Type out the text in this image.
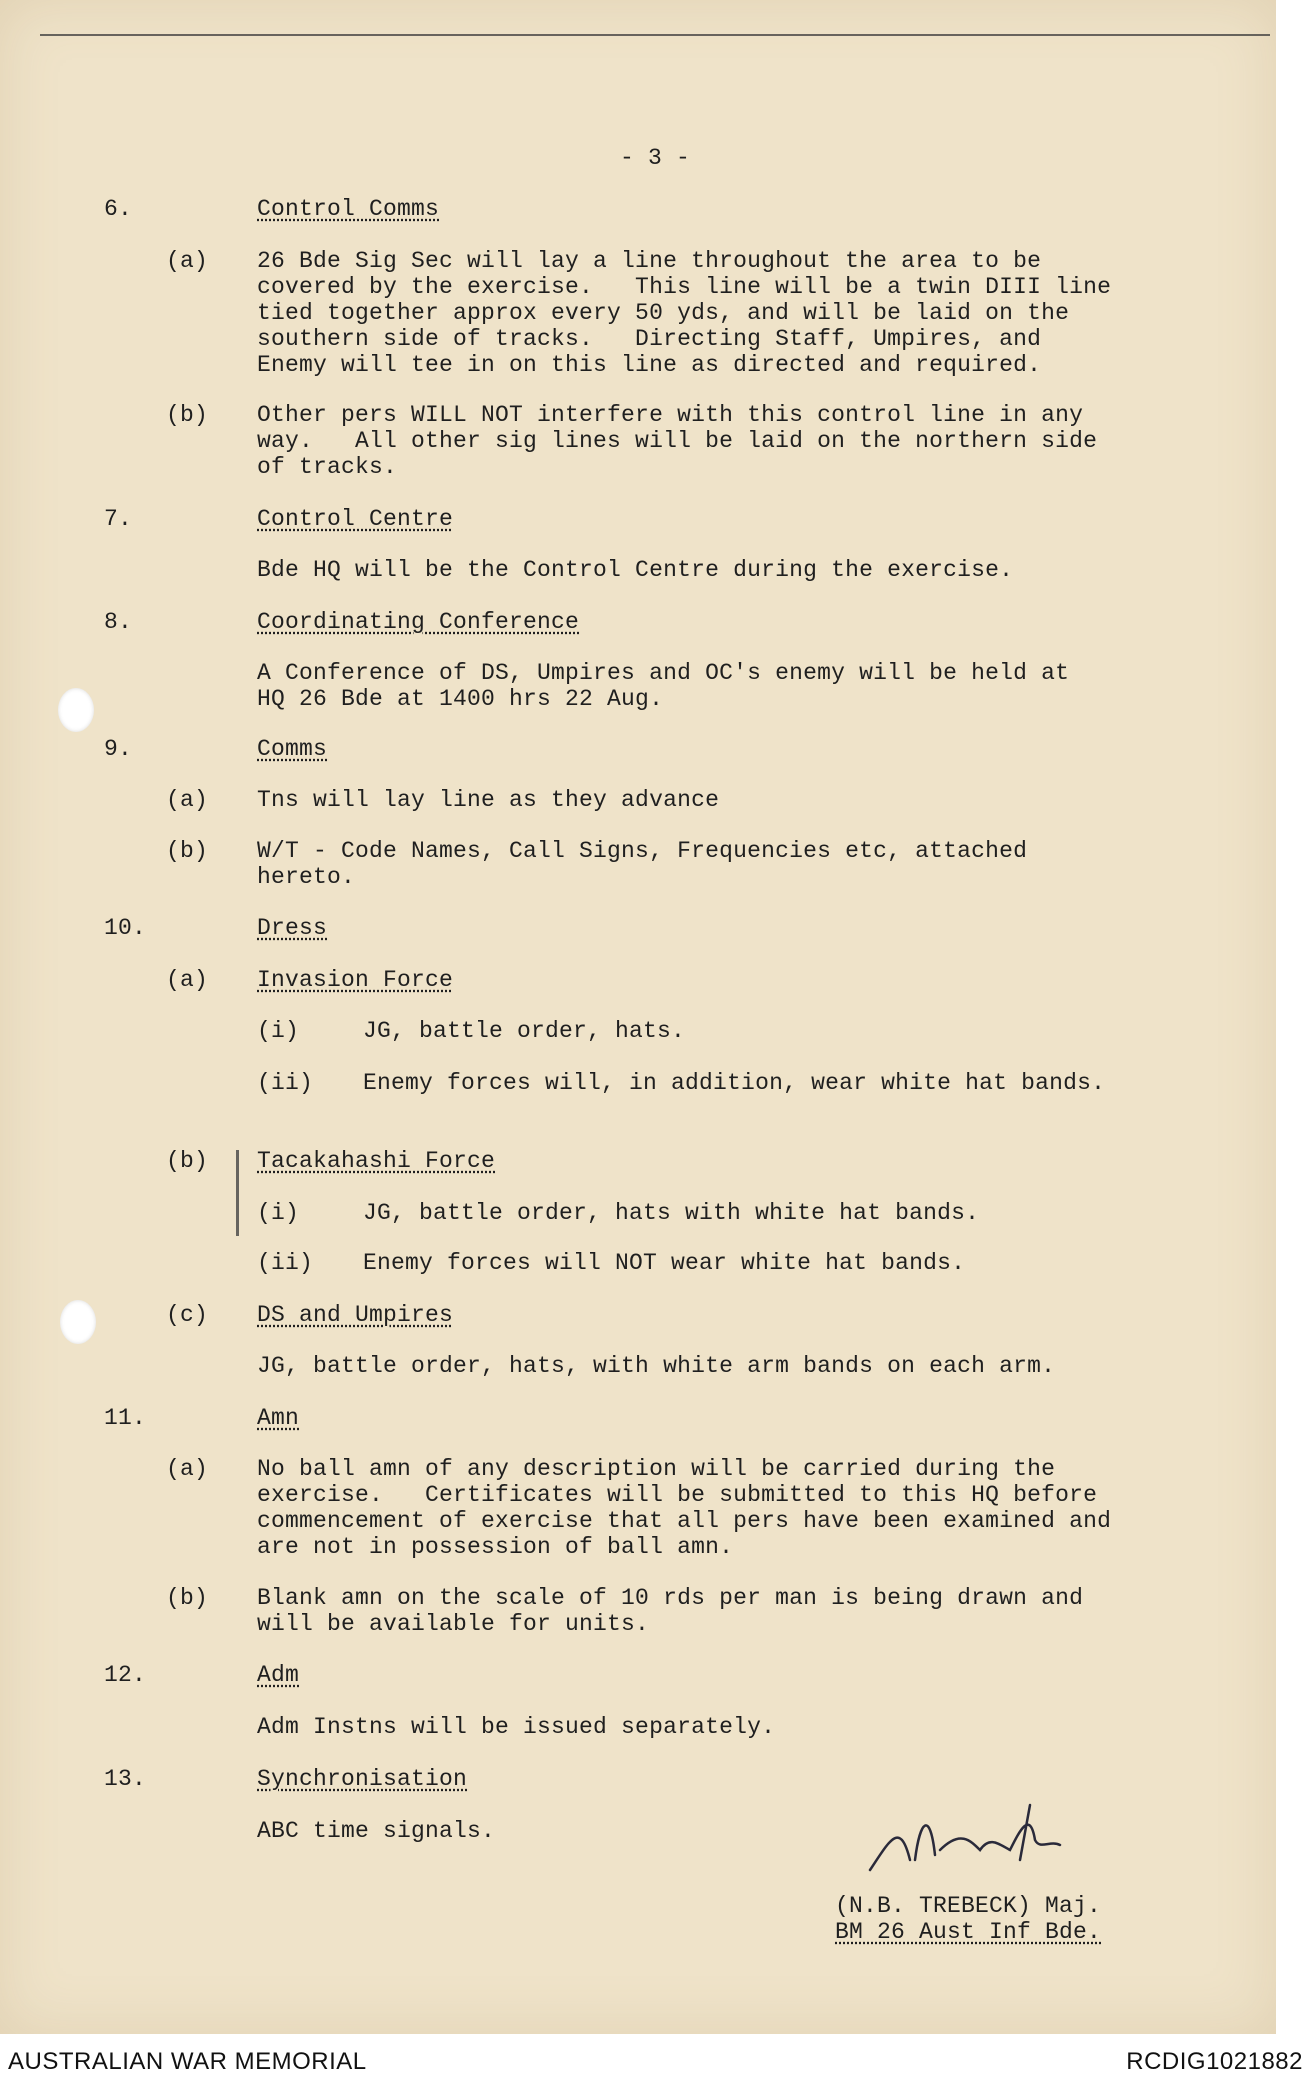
- 3 -
6.	Control Comms
(a) 26 Bde Sig Sec will lay a line throughout the area to be
covered by the exercise.   This line will be a twin DIII line
tied together approx every 50 yds, and will be laid on the
southern side of tracks.   Directing Staff, Umpires, and
Enemy will tee in on this line as directed and required.
(b) Other pers WILL NOT interfere with this control line in any
way.   All other sig lines will be laid on the northern side
of tracks.
7.	Control Centre
Bde HQ will be the Control Centre during the exercise.
8.	Coordinating Conference
A Conference of DS, Umpires and OC's enemy will be held at
HQ 26 Bde at 1400 hrs 22 Aug.
9.	Comms
(a) Tns will lay line as they advance
(b) W/T - Code Names, Call Signs, Frequencies etc, attached
hereto.
10.	Dress
(a) Invasion Force
(i)	JG, battle order, hats.
(ii) Enemy forces will, in addition, wear white hat bands.
(b) Tacakahashi Force
(i)	JG, battle order, hats with white hat bands.
(ii) Enemy forces will NOT wear white hat bands.
(c) DS and Umpires
JG, battle order, hats, with white arm bands on each arm.
11.	Amn
(a) No ball amn of any description will be carried during the
exercise.   Certificates will be submitted to this HQ before
commencement of exercise that all pers have been examined and
are not in possession of ball amn.
(b) Blank amn on the scale of 10 rds per man is being drawn and
will be available for units.
12.	Adm
Adm Instns will be issued separately.
13.	Synchronisation
ABC time signals.
(N.B. TREBECK) Maj.
BM 26 Aust Inf Bde.
AUSTRALIAN WAR MEMORIAL	RCDIG1021882
